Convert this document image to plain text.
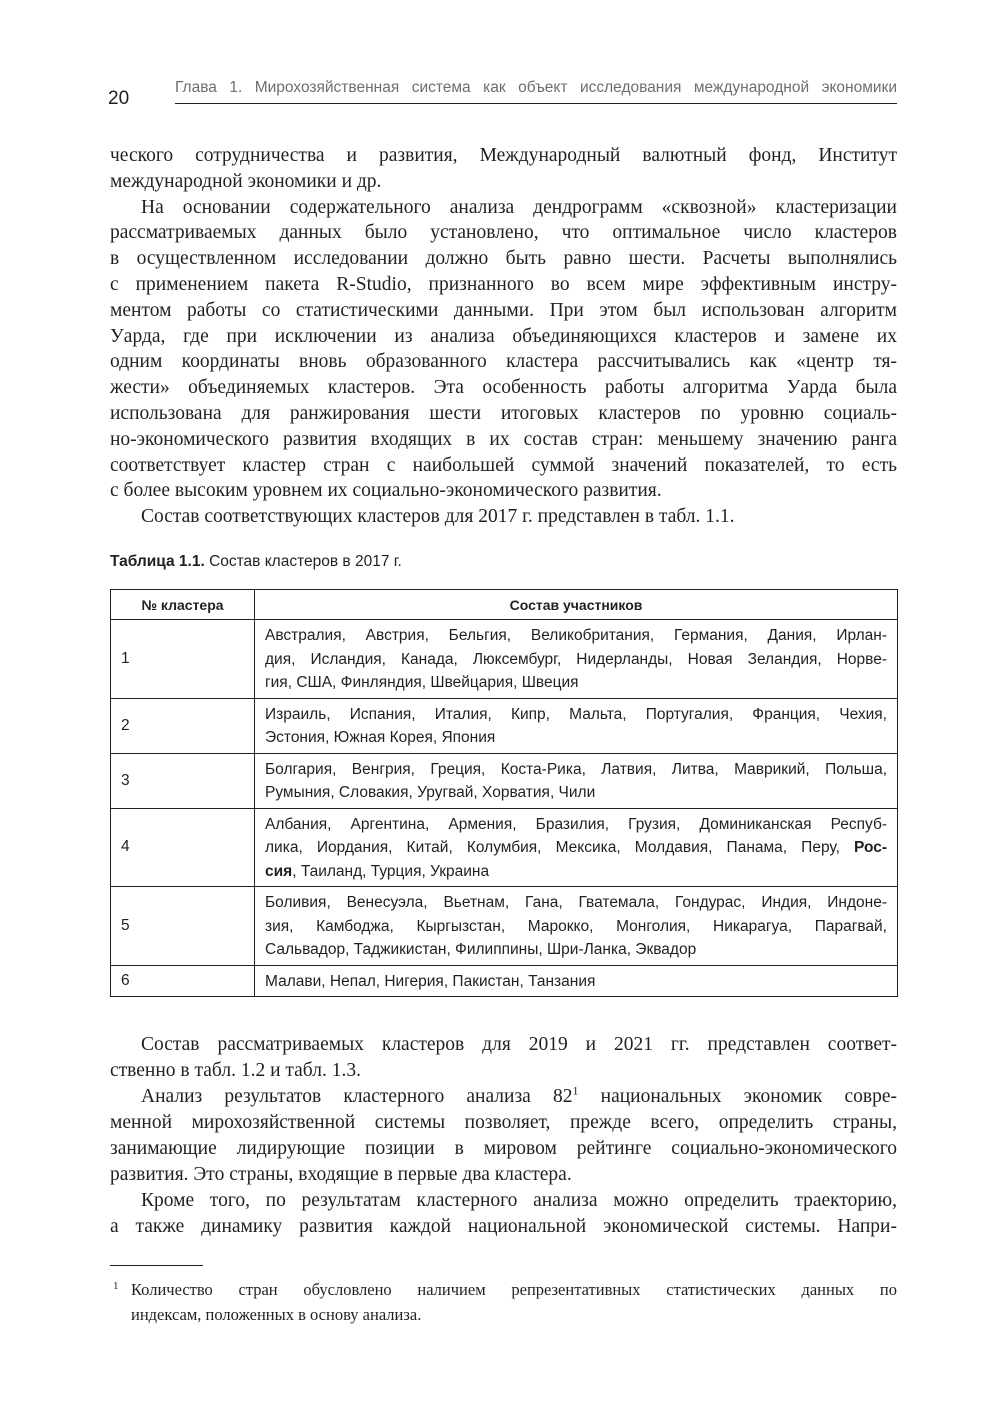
20
Глава 1. Мирохозяйственная система как объект исследования международной экономики
ческого сотрудничества и развития, Международный валютный фонд, Институт
международной экономики и др.
На основании содержательного анализа дендрограмм «сквозной» кластеризации
рассматриваемых данных было установлено, что оптимальное число кластеров
в осуществленном исследовании должно быть равно шести. Расчеты выполнялись
с применением пакета R-Studio, признанного во всем мире эффективным инстру-
ментом работы со статистическими данными. При этом был использован алгоритм
Уарда, где при исключении из анализа объединяющихся кластеров и замене их
одним координаты вновь образованного кластера рассчитывались как «центр тя-
жести» объединяемых кластеров. Эта особенность работы алгоритма Уарда была
использована для ранжирования шести итоговых кластеров по уровню социаль-
но-экономического развития входящих в их состав стран: меньшему значению ранга
соответствует кластер стран с наибольшей суммой значений показателей, то есть
с более высоким уровнем их социально-экономического развития.
Состав соответствующих кластеров для 2017 г. представлен в табл. 1.1.
Таблица 1.1. Состав кластеров в 2017 г.
№ кластера	Состав участников
1	Австралия, Австрия, Бельгия, Великобритания, Германия, Дания, Ирлан-
дия, Исландия, Канада, Люксембург, Нидерланды, Новая Зеландия, Норве-
гия, США, Финляндия, Швейцария, Швеция

2	Израиль, Испания, Италия, Кипр, Мальта, Португалия, Франция, Чехия,
Эстония, Южная Корея, Япония

3	Болгария, Венгрия, Греция, Коста-Рика, Латвия, Литва, Маврикий, Польша,
Румыния, Словакия, Уругвай, Хорватия, Чили

4	Албания, Аргентина, Армения, Бразилия, Грузия, Доминиканская Респуб-
лика, Иордания, Китай, Колумбия, Мексика, Молдавия, Панама, Перу, Рос-
сия, Таиланд, Турция, Украина

5	Боливия, Венесуэла, Вьетнам, Гана, Гватемала, Гондурас, Индия, Индоне-
зия, Камбоджа, Кыргызстан, Марокко, Монголия, Никарагуа, Парагвай,
Сальвадор, Таджикистан, Филиппины, Шри-Ланка, Эквадор

6	Малави, Непал, Нигерия, Пакистан, Танзания
Состав рассматриваемых кластеров для 2019 и 2021 гг. представлен соответ-
ственно в табл. 1.2 и табл. 1.3.
Анализ результатов кластерного анализа $82^1$ национальных экономик совре-
менной мирохозяйственной системы позволяет, прежде всего, определить страны,
занимающие лидирующие позиции в мировом рейтинге социально-экономического
развития. Это страны, входящие в первые два кластера.
Кроме того, по результатам кластерного анализа можно определить траекторию,
а также динамику развития каждой национальной экономической системы. Напри-
1 Количество стран обусловлено наличием репрезентативных статистических данных по
индексам, положенных в основу анализа.
